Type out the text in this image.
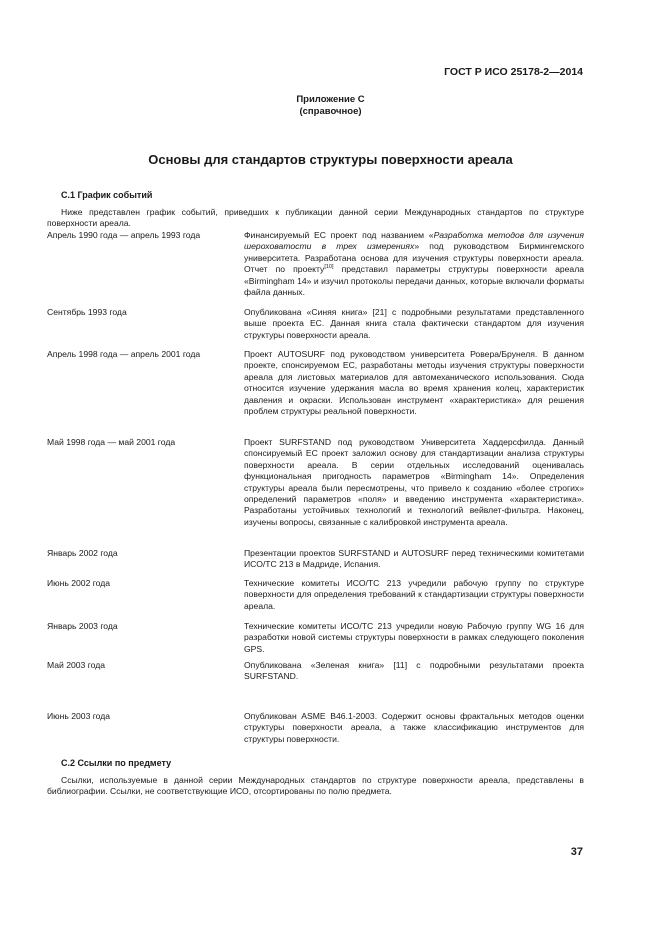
ГОСТ Р ИСО 25178-2—2014
Приложение С
(справочное)
Основы для стандартов структуры поверхности ареала
С.1 График событий
Ниже представлен график событий, приведших к публикации данной серии Международных стандартов по структуре поверхности ареала.
Апрель 1990 года — апрель 1993 года	Финансируемый ЕС проект под названием «Разработка методов для изучения шероховатости в трех измерениях» под руководством Бирмингемского университета. Разработана основа для изучения структуры поверхности ареала. Отчет по проекту[10] представил параметры структуры поверхности ареала «Birmingham 14» и изучил протоколы передачи данных, которые включали форматы файла данных.
Сентябрь 1993 года	Опубликована «Синяя книга» [21] с подробными результатами представленного выше проекта ЕС. Данная книга стала фактически стандартом для изучения структуры поверхности ареала.
Апрель 1998 года — апрель 2001 года	Проект AUTOSURF под руководством университета Ровера/Брунеля. В данном проекте, спонсируемом ЕС, разработаны методы изучения структуры поверхности ареала для листовых материалов для автомеханического использования. Сюда относится изучение удержания масла во время хранения колец, характеристик давления и окраски. Использован инструмент «характеристика» для решения проблем структуры реальной поверхности.
Май 1998 года — май 2001 года	Проект SURFSTAND под руководством Университета Хаддерсфилда. Данный спонсируемый ЕС проект заложил основу для стандартизации анализа структуры поверхности ареала. В серии отдельных исследований оценивалась функциональная пригодность параметров «Birmingham 14». Определения структуры ареала были пересмотрены, что привело к созданию «более строгих» определений параметров «поля» и введению инструмента «характеристика». Разработаны устойчивых технологий и технологий вейвлет-фильтра. Наконец, изучены вопросы, связанные с калибровкой инструмента ареала.
Январь 2002 года	Презентации проектов SURFSTAND и AUTOSURF перед техническими комитетами ИСО/ТС 213 в Мадриде, Испания.
Июнь 2002 года	Технические комитеты ИСО/ТС 213 учредили рабочую группу по структуре поверхности для определения требований к стандартизации структуры поверхности ареала.
Январь 2003 года	Технические комитеты ИСО/ТС 213 учредили новую Рабочую группу WG 16 для разработки новой системы структуры поверхности в рамках следующего поколения GPS.
Май 2003 года	Опубликована «Зеленая книга» [11] с подробными результатами проекта SURFSTAND.
Июнь 2003 года	Опубликован ASME B46.1-2003. Содержит основы фрактальных методов оценки структуры поверхности ареала, а также классификацию инструментов для структуры поверхности.
С.2 Ссылки по предмету
Ссылки, используемые в данной серии Международных стандартов по структуре поверхности ареала, представлены в библиографии. Ссылки, не соответствующие ИСО, отсортированы по полю предмета.
37
